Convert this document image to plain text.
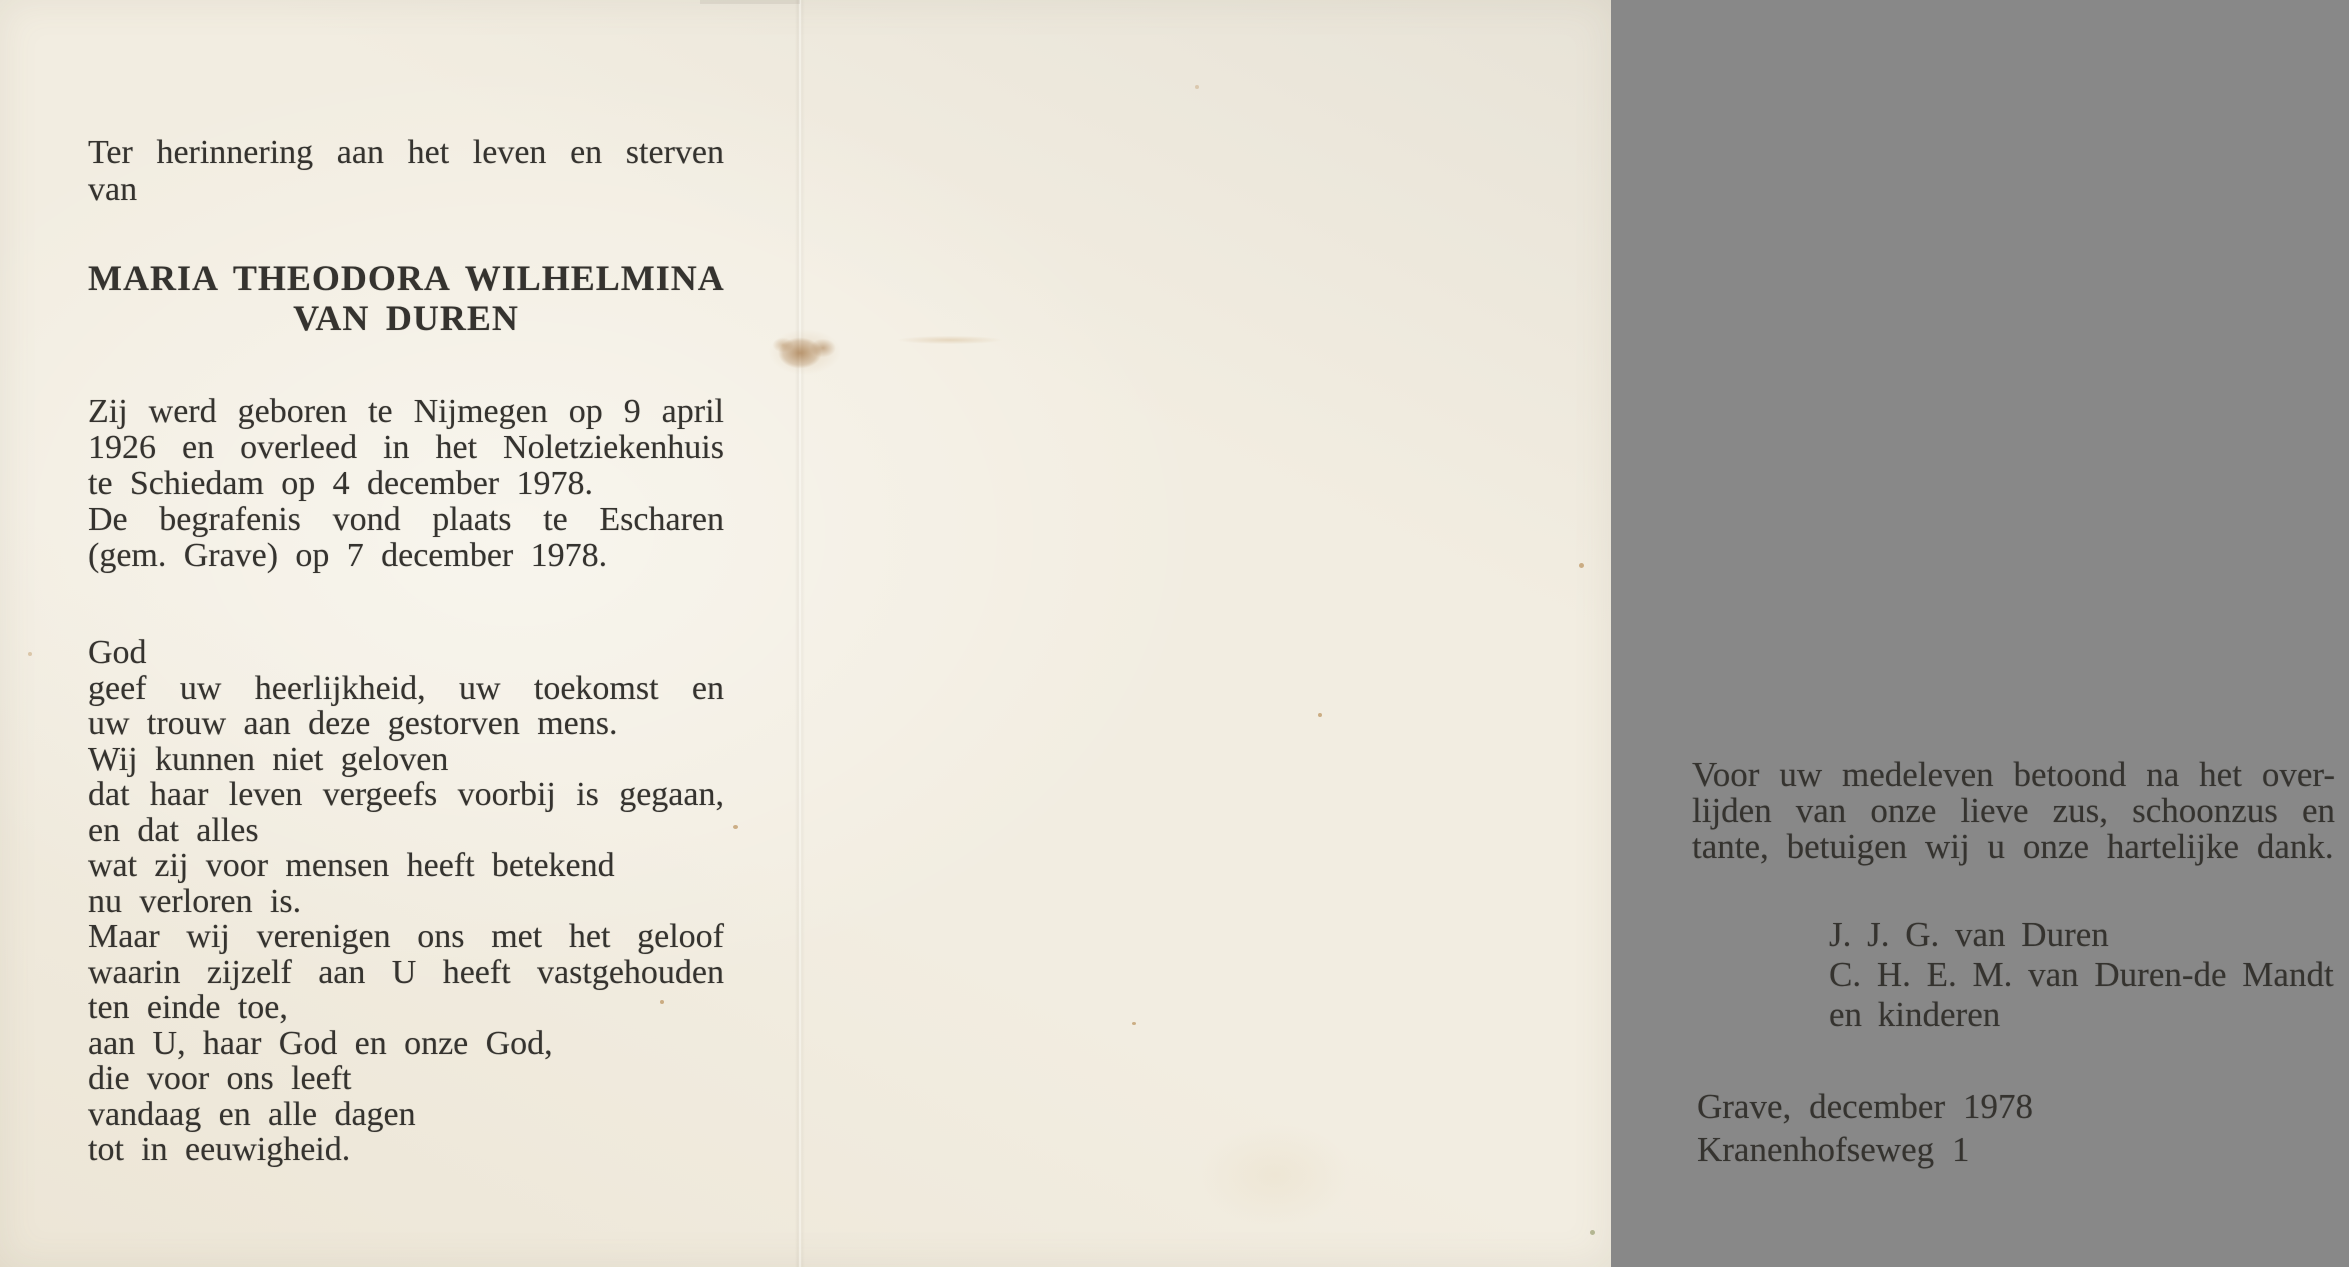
Ter herinnering aan het leven en sterven
van
MARIA THEODORA WILHELMINA
VAN DUREN
Zij werd geboren te Nijmegen op 9 april
1926 en overleed in het Noletziekenhuis
te Schiedam op 4 december 1978.
De begrafenis vond plaats te Escharen
(gem. Grave) op 7 december 1978.
God
geef uw heerlijkheid, uw toekomst en
uw trouw aan deze gestorven mens.
Wij kunnen niet geloven
dat haar leven vergeefs voorbij is gegaan,
en dat alles
wat zij voor mensen heeft betekend
nu verloren is.
Maar wij verenigen ons met het geloof
waarin zijzelf aan U heeft vastgehouden
ten einde toe,
aan U, haar God en onze God,
die voor ons leeft
vandaag en alle dagen
tot in eeuwigheid.
Voor uw medeleven betoond na het over-
lijden van onze lieve zus, schoonzus en
tante, betuigen wij u onze hartelijke dank.
J. J. G. van Duren
C. H. E. M. van Duren-de Mandt
en kinderen
Grave, december 1978
Kranenhofseweg 1
